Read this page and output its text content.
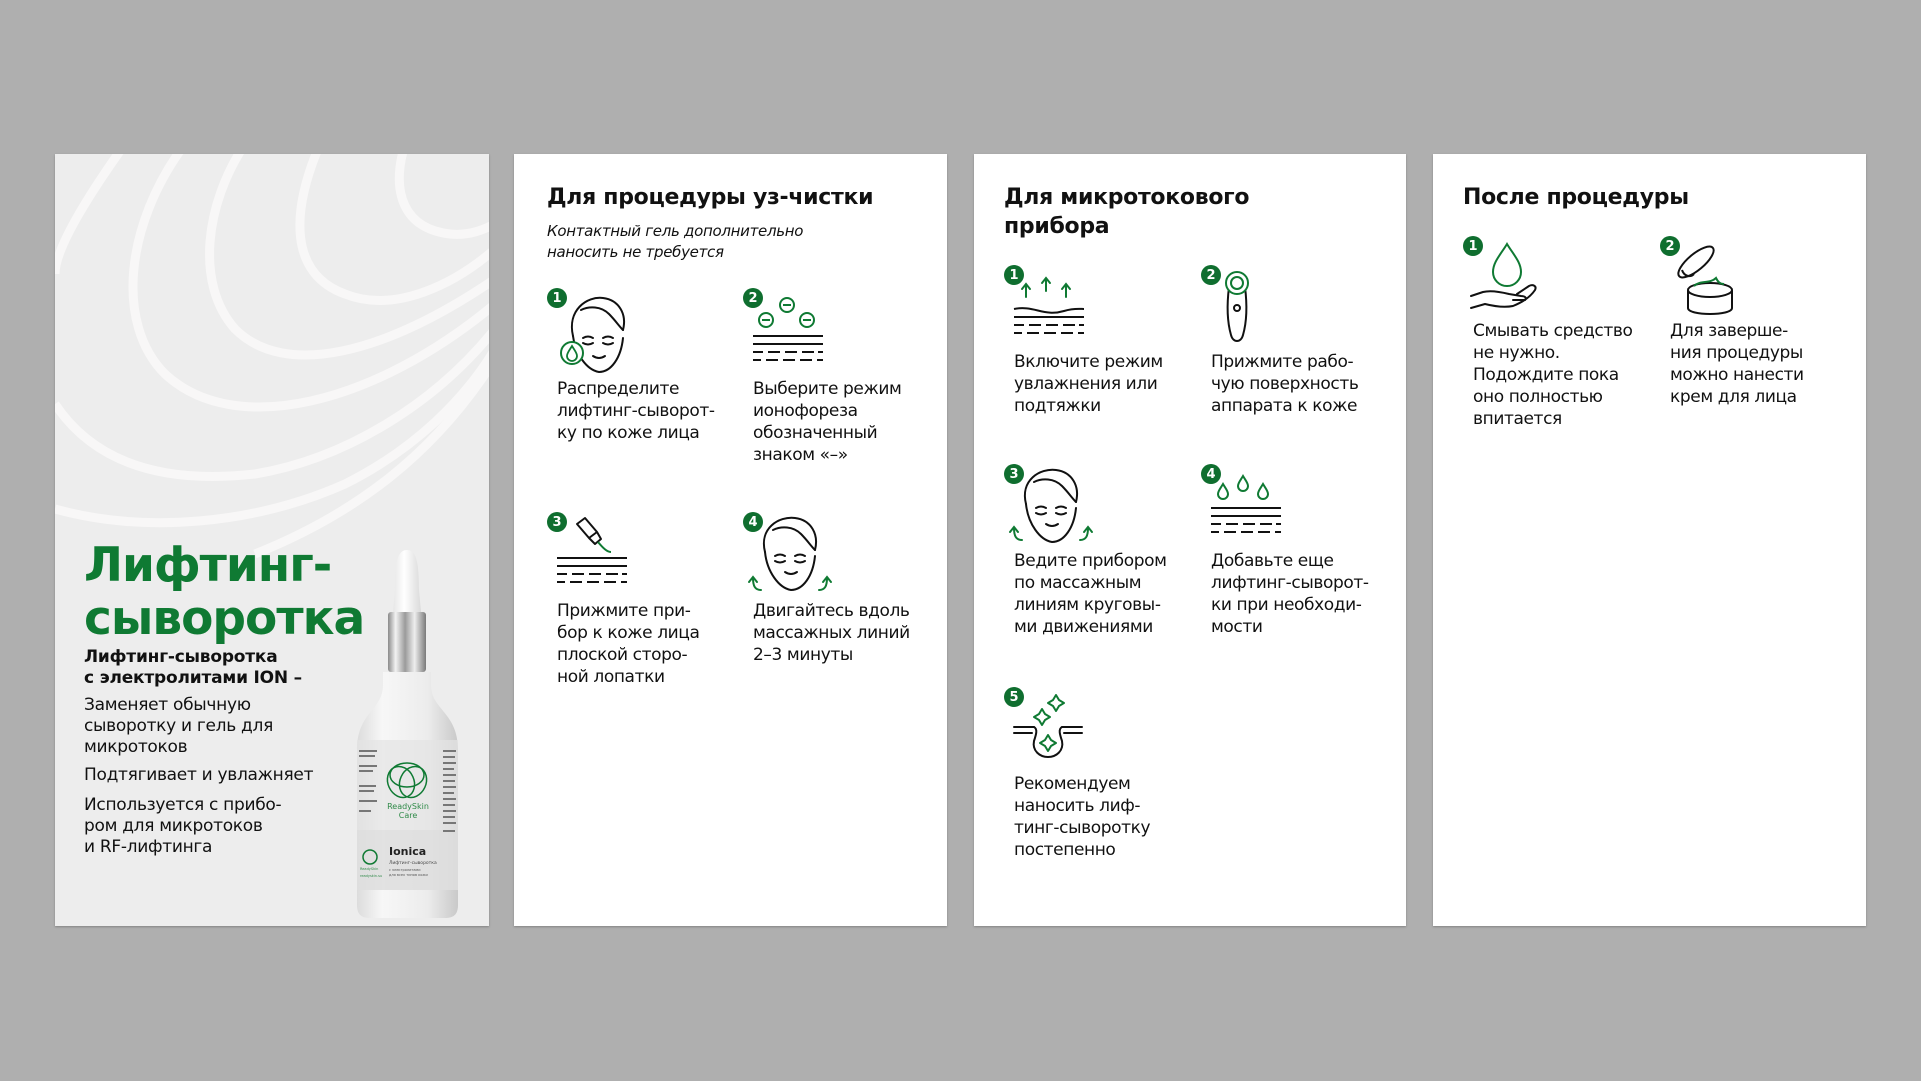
Лифтинг-
сыворотка
Лифтинг-сыворотка
с электролитами ION –
Заменяет обычную
сыворотку и гель для
микротоков
Подтягивает и увлажняет
Используется с прибо-
ром для микротоков
и RF-лифтинга
ReadySkin
Care
Ionica
Лифтинг-сыворотка
с электролитами
для всех типов кожи
ReadySkin
readyskin.su
Для процедуры уз-чистки
Контактный гель дополнительно
наносить не требуется
1
Распределите
лифтинг-сыворот-
ку по коже лица
2
Выберите режим
ионофореза
обозначенный
знаком «–»
3
Прижмите при-
бор к коже лица
плоской сторо-
ной лопатки
4
Двигайтесь вдоль
массажных линий
2–3 минуты
Для микротокового
прибора
1
Включите режим
увлажнения или
подтяжки
2
Прижмите рабо-
чую поверхность
аппарата к коже
3
Ведите прибором
по массажным
линиям круговы-
ми движениями
4
Добавьте еще
лифтинг-сыворот-
ки при необходи-
мости
5
Рекомендуем
наносить лиф-
тинг-сыворотку
постепенно
После процедуры
1
Смывать средство
не нужно.
Подождите пока
оно полностью
впитается
2
Для заверше-
ния процедуры
можно нанести
крем для лица
